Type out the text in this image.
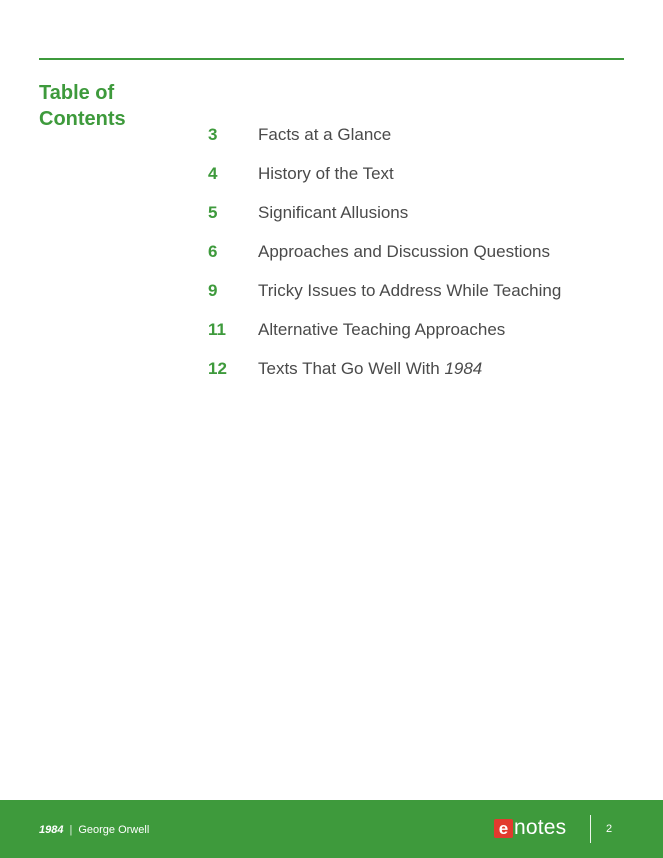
Table of Contents
3	Facts at a Glance
4	History of the Text
5	Significant Allusions
6	Approaches and Discussion Questions
9	Tricky Issues to Address While Teaching
11	Alternative Teaching Approaches
12	Texts That Go Well With 1984
1984 | George Orwell	e notes	2
